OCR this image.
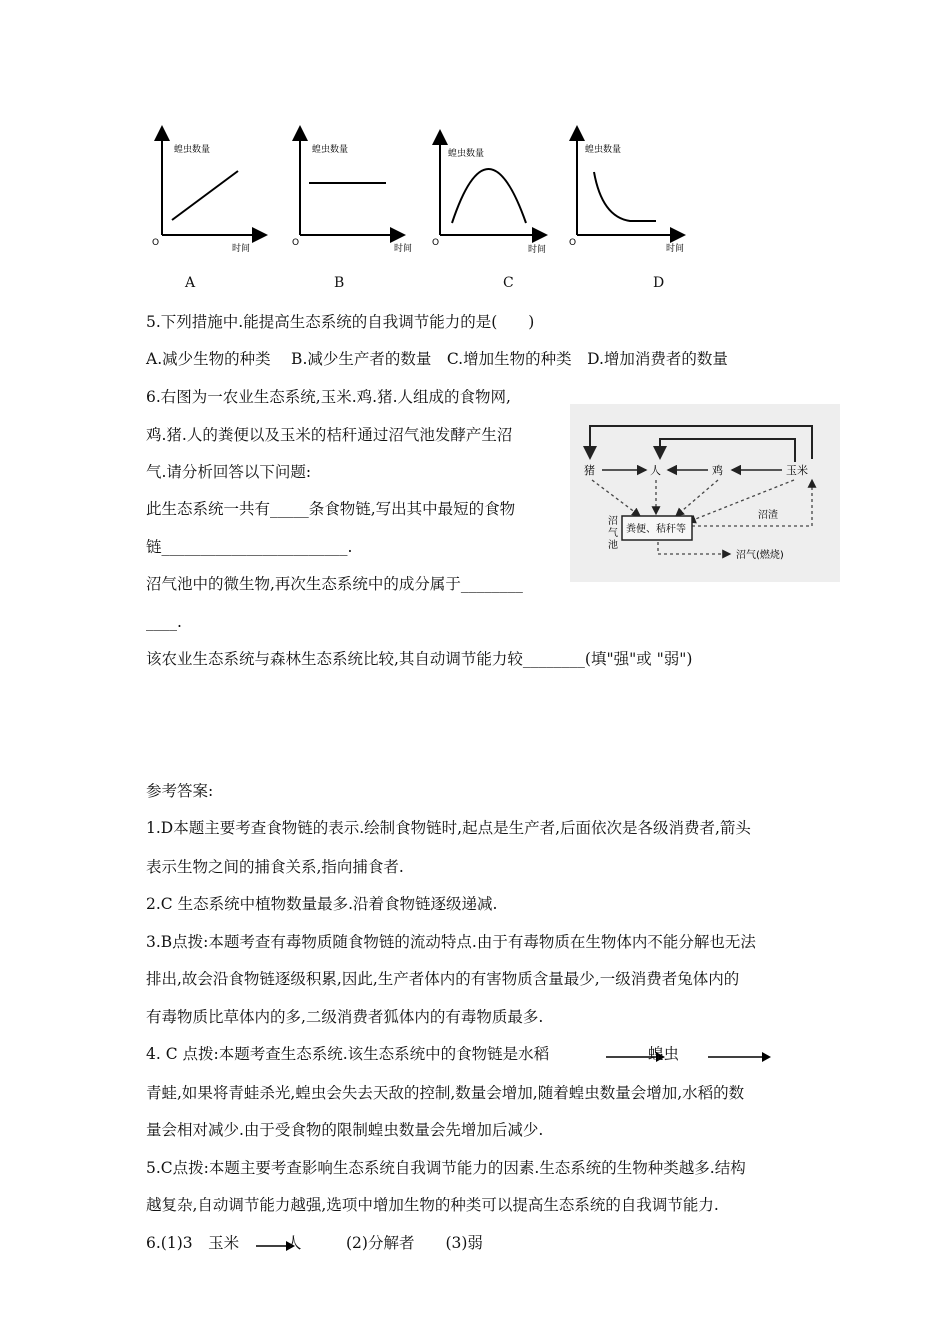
蝗虫数量
时间
O
蝗虫数量
时间
O
蝗虫数量
时间
O
蝗虫数量
时间
O
A	B	C	D
5.下列措施中.能提高生态系统的自我调节能力的是(　　)
A.减少生物的种类　 B.减少生产者的数量　C.增加生物的种类　D.增加消费者的数量
6.右图为一农业生态系统,玉米.鸡.猪.人组成的食物网,
鸡.猪.人的粪便以及玉米的桔秆通过沼气池发酵产生沼
气.请分析回答以下问题:
此生态系统一共有_____条食物链,写出其中最短的食物
链________________________.
沼气池中的微生物,再次生态系统中的成分属于________
____.
该农业生态系统与森林生态系统比较,其自动调节能力较________(填"强"或 "弱")
猪	人	鸡	玉米
沼
气
池
粪便、秸秆等
沼渣
沼气(燃烧)
参考答案:
1.D本题主要考查食物链的表示.绘制食物链时,起点是生产者,后面依次是各级消费者,箭头
表示生物之间的捕食关系,指向捕食者.
2.C 生态系统中植物数量最多.沿着食物链逐级递减.
3.B点拨:本题考查有毒物质随食物链的流动特点.由于有毒物质在生物体内不能分解也无法
排出,故会沿食物链逐级积累,因此,生产者体内的有害物质含量最少,一级消费者兔体内的
有毒物质比草体内的多,二级消费者狐体内的有毒物质最多.
4. C 点拨:本题考查生态系统.该生态系统中的食物链是水稻	蝗虫
青蛙,如果将青蛙杀光,蝗虫会失去天敌的控制,数量会增加,随着蝗虫数量会增加,水稻的数
量会相对减少.由于受食物的限制蝗虫数量会先增加后减少.
5.C点拨:本题主要考查影响生态系统自我调节能力的因素.生态系统的生物种类越多.结构
越复杂,自动调节能力越强,选项中增加生物的种类可以提高生态系统的自我调节能力.
6.(1)3　玉米	人	(2)分解者　　(3)弱
